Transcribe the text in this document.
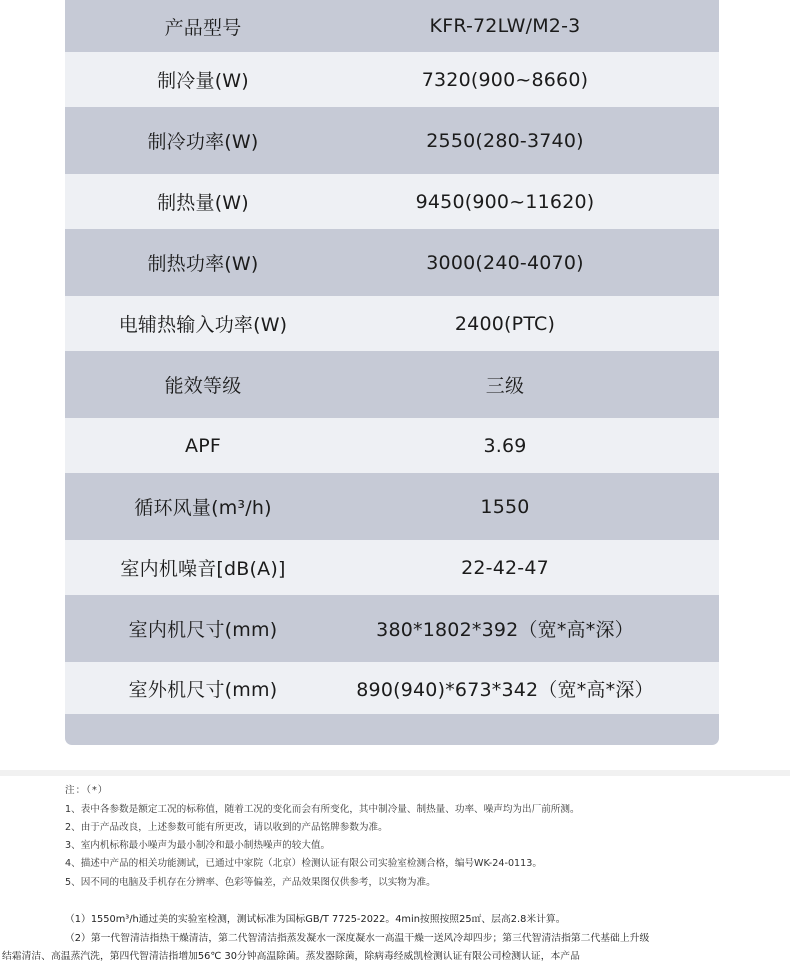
产品型号	KFR-72LW/M2-3
制冷量(W)	7320(900~8660)
制冷功率(W)	2550(280-3740)
制热量(W)	9450(900~11620)
制热功率(W)	3000(240-4070)
电辅热输入功率(W)	2400(PTC)
能效等级	三级
APF	3.69
循环风量(m³/h)	1550
室内机噪音[dB(A)]	22-42-47
室内机尺寸(mm)	380*1802*392（宽*高*深）
室外机尺寸(mm)	890(940)*673*342（宽*高*深）
注：（*）
1、表中各参数是额定工况的标称值，随着工况的变化而会有所变化，其中制冷量、制热量、功率、噪声均为出厂前所测。
2、由于产品改良，上述参数可能有所更改，请以收到的产品铭牌参数为准。
3、室内机标称最小噪声为最小制冷和最小制热噪声的较大值。
4、描述中产品的相关功能测试，已通过中家院（北京）检测认证有限公司实验室检测合格，编号WK-24-0113。
5、因不同的电脑及手机存在分辨率、色彩等偏差，产品效果图仅供参考，以实物为准。
（1）1550m³/h通过美的实验室检测，测试标准为国标GB/T 7725-2022。4min按照按照25㎡、层高2.8米计算。
（2）第一代智清洁指热干燥清洁，第二代智清洁指蒸发凝水一深度凝水一高温干燥一送风冷却四步；第三代智清洁指第二代基础上升级
结霜清洁、高温蒸汽洗，第四代智清洁指增加56℃ 30分钟高温除菌。蒸发器除菌，除病毒经威凯检测认证有限公司检测认证，本产品
